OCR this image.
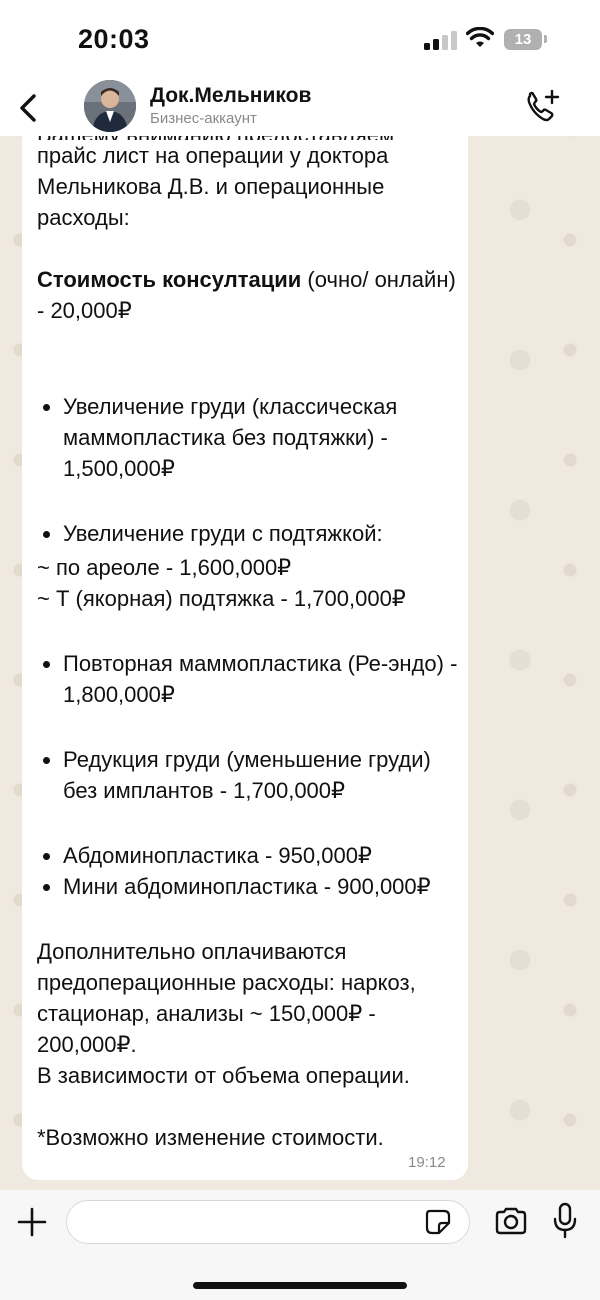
прайс лист на операции у доктора Мельникова Д.В. и операционные расходы:

Стоимость консултации (очно/ онлайн) - 20,000₽

• Увеличение груди (классическая маммопластика без подтяжки) - 1,500,000₽
• Увеличение груди с подтяжкой:

~ по ареоле - 1,600,000₽

~ Т (якорная) подтяжка - 1,700,000₽

• Повторная маммопластика (Ре-эндо) - 1,800,000₽
• Редукция груди (уменьшение груди) без имплантов - 1,700,000₽
• Абдоминопластика - 950,000₽
• Мини абдоминопластика - 900,000₽

Дополнительно оплачиваются предоперационные расходы: наркоз, стационар, анализы ~ 150,000₽ - 200,000₽.

В зависимости от объема операции.

*Возможно изменение стоимости.

19:12
20:03	13
Док.Мельников
Бизнес-аккаунт
